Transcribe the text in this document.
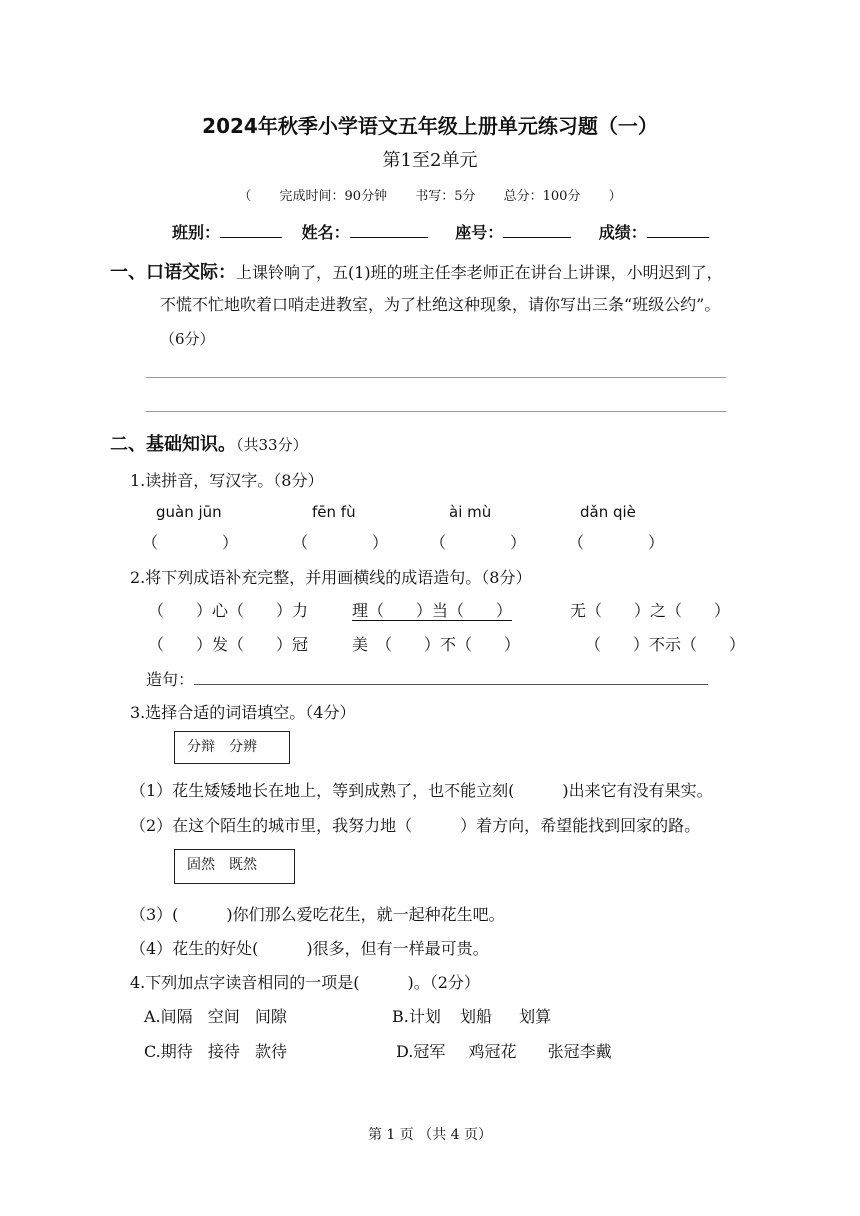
2024年秋季小学语文五年级上册单元练习题（一）
第1至2单元
（ 完成时间：90分钟 书写：5分 总分：100分 ）
班别：	姓名：	座号：	成绩：
一、口语交际：上课铃响了，五(1)班的班主任李老师正在讲台上讲课，小明迟到了，
不慌不忙地吹着口哨走进教室，为了杜绝这种现象，请你写出三条“班级公约”。
（6分）
二、基础知识。（共33分）
1.读拼音，写汉字。（8分）
guàn jūn	fēn fù	ài mù	dǎn qiè
（　　　　）	（　　　　）	（　　　　）	（　　　　）
2.将下列成语补充完整，并用画横线的成语造句。（8分）
（　　）心（　　）力	理（　　）当（　　）	无（　　）之（　　）
（　　）发（　　）冠	美　（　　）不（　　）	（　　）不示（　　）
造句：
3.选择合适的词语填空。（4分）
分辩　分辨
（1）花生矮矮地长在地上，等到成熟了，也不能立刻(　　　)出来它有没有果实。
（2）在这个陌生的城市里，我努力地（　　　）着方向，希望能找到回家的路。
固然　既然
（3）(　　　)你们那么爱吃花生，就一起种花生吧。
（4）花生的好处(　　　)很多，但有一样最可贵。
4.下列加点字读音相同的一项是(　　　)。（2分）
A.间隔 空间 间隙	B.计划 划船 划算
C.期待 接待 款待	D.冠军 鸡冠花 张冠李戴
第 1 页 （共 4 页）
